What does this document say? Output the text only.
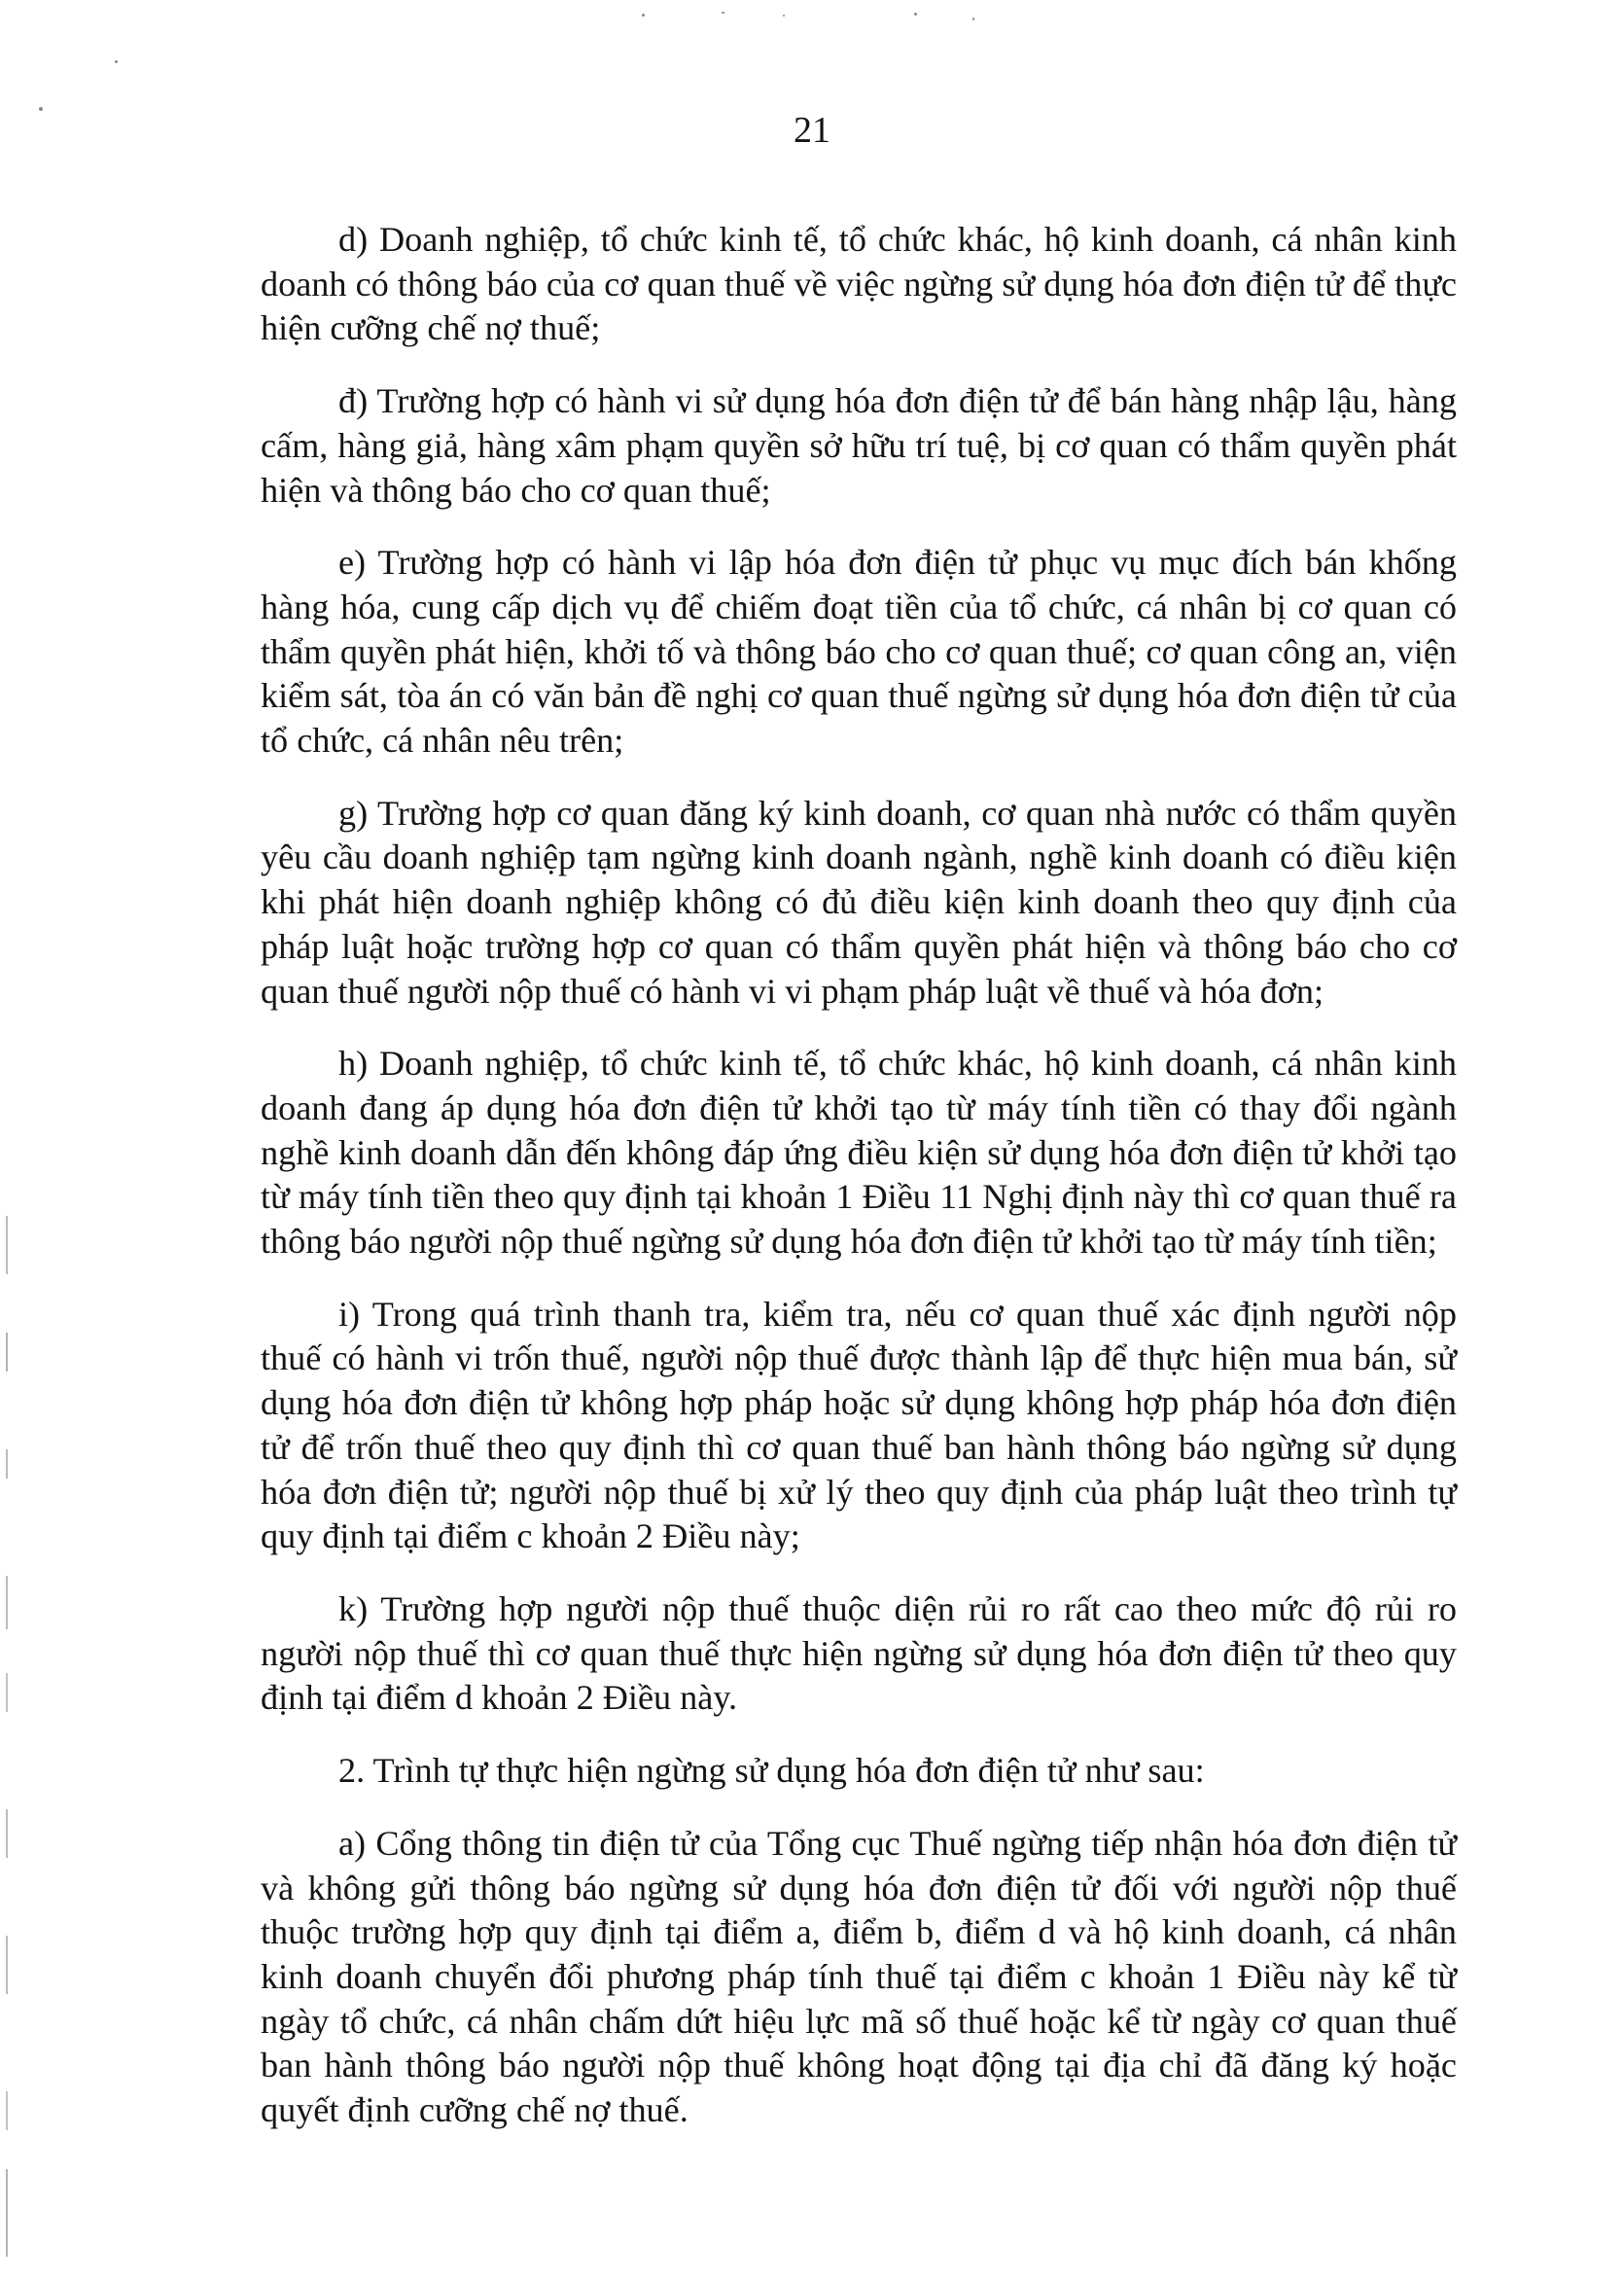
21

d) Doanh nghiệp, tổ chức kinh tế, tổ chức khác, hộ kinh doanh, cá nhân kinh doanh có thông báo của cơ quan thuế về việc ngừng sử dụng hóa đơn điện tử để thực hiện cưỡng chế nợ thuế;

đ) Trường hợp có hành vi sử dụng hóa đơn điện tử để bán hàng nhập lậu, hàng cấm, hàng giả, hàng xâm phạm quyền sở hữu trí tuệ, bị cơ quan có thẩm quyền phát hiện và thông báo cho cơ quan thuế;

e) Trường hợp có hành vi lập hóa đơn điện tử phục vụ mục đích bán khống hàng hóa, cung cấp dịch vụ để chiếm đoạt tiền của tổ chức, cá nhân bị cơ quan có thẩm quyền phát hiện, khởi tố và thông báo cho cơ quan thuế; cơ quan công an, viện kiểm sát, tòa án có văn bản đề nghị cơ quan thuế ngừng sử dụng hóa đơn điện tử của tổ chức, cá nhân nêu trên;

g) Trường hợp cơ quan đăng ký kinh doanh, cơ quan nhà nước có thẩm quyền yêu cầu doanh nghiệp tạm ngừng kinh doanh ngành, nghề kinh doanh có điều kiện khi phát hiện doanh nghiệp không có đủ điều kiện kinh doanh theo quy định của pháp luật hoặc trường hợp cơ quan có thẩm quyền phát hiện và thông báo cho cơ quan thuế người nộp thuế có hành vi vi phạm pháp luật về thuế và hóa đơn;

h) Doanh nghiệp, tổ chức kinh tế, tổ chức khác, hộ kinh doanh, cá nhân kinh doanh đang áp dụng hóa đơn điện tử khởi tạo từ máy tính tiền có thay đổi ngành nghề kinh doanh dẫn đến không đáp ứng điều kiện sử dụng hóa đơn điện tử khởi tạo từ máy tính tiền theo quy định tại khoản 1 Điều 11 Nghị định này thì cơ quan thuế ra thông báo người nộp thuế ngừng sử dụng hóa đơn điện tử khởi tạo từ máy tính tiền;

i) Trong quá trình thanh tra, kiểm tra, nếu cơ quan thuế xác định người nộp thuế có hành vi trốn thuế, người nộp thuế được thành lập để thực hiện mua bán, sử dụng hóa đơn điện tử không hợp pháp hoặc sử dụng không hợp pháp hóa đơn điện tử để trốn thuế theo quy định thì cơ quan thuế ban hành thông báo ngừng sử dụng hóa đơn điện tử; người nộp thuế bị xử lý theo quy định của pháp luật theo trình tự quy định tại điểm c khoản 2 Điều này;

k) Trường hợp người nộp thuế thuộc diện rủi ro rất cao theo mức độ rủi ro người nộp thuế thì cơ quan thuế thực hiện ngừng sử dụng hóa đơn điện tử theo quy định tại điểm d khoản 2 Điều này.

2. Trình tự thực hiện ngừng sử dụng hóa đơn điện tử như sau:

a) Cổng thông tin điện tử của Tổng cục Thuế ngừng tiếp nhận hóa đơn điện tử và không gửi thông báo ngừng sử dụng hóa đơn điện tử đối với người nộp thuế thuộc trường hợp quy định tại điểm a, điểm b, điểm d và hộ kinh doanh, cá nhân kinh doanh chuyển đổi phương pháp tính thuế tại điểm c khoản 1 Điều này kể từ ngày tổ chức, cá nhân chấm dứt hiệu lực mã số thuế hoặc kể từ ngày cơ quan thuế ban hành thông báo người nộp thuế không hoạt động tại địa chỉ đã đăng ký hoặc quyết định cưỡng chế nợ thuế.
